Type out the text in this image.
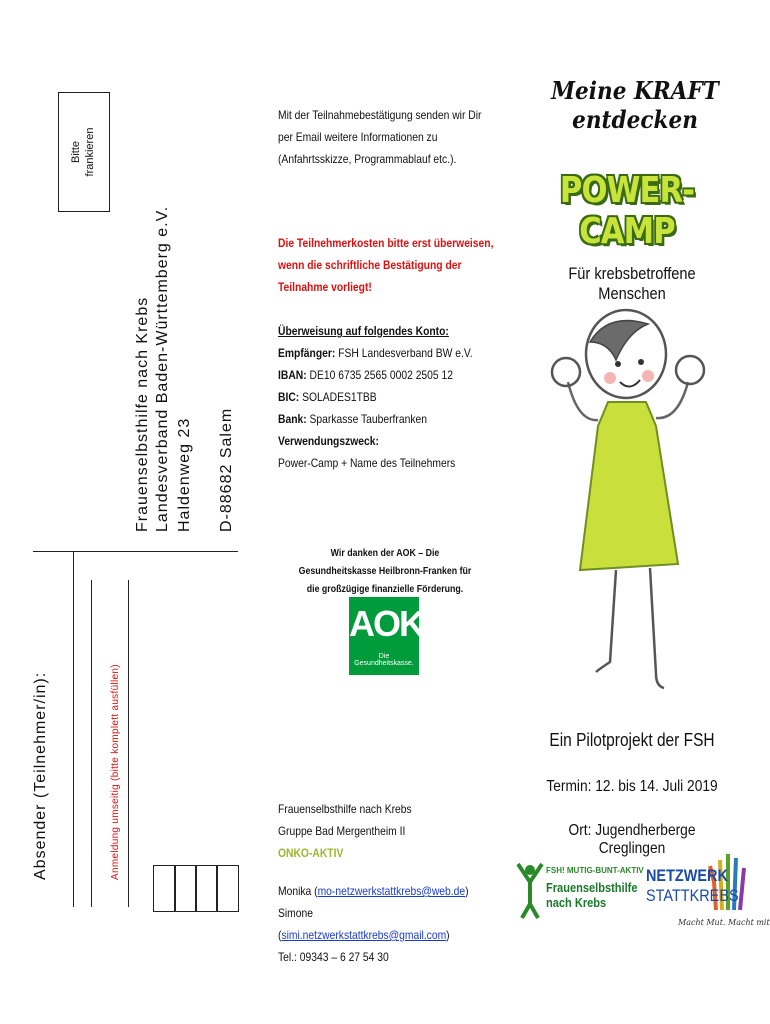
Bitte frankieren
Frauenselbsthilfe nach Krebs Landesverband Baden-Württemberg e.V. Haldenweg 23 D-88682 Salem
Absender (Teilnehmer/in):	Anmeldung umseitig (bitte komplett ausfüllen)
Mit der Teilnahmebestätigung senden wir Dir per Email weitere Informationen zu (Anfahrtsskizze, Programmablauf etc.).
Die Teilnehmerkosten bitte erst überweisen, wenn die schriftliche Bestätigung der Teilnahme vorliegt!
Überweisung auf folgendes Konto:
Empfänger: FSH Landesverband BW e.V.
IBAN: DE10 6735 2565 0002 2505 12
BIC: SOLADES1TBB
Bank: Sparkasse Tauberfranken
Verwendungszweck:
Power-Camp + Name des Teilnehmers
Wir danken der AOK – Die Gesundheitskasse Heilbronn-Franken für die großzügige finanzielle Förderung.
AOK
Die Gesundheitskasse.
Frauenselbsthilfe nach Krebs
Gruppe Bad Mergentheim II
ONKO-AKTIV
Monika (mo-netzwerkstattkrebs@web.de)
Simone (simi.netzwerkstattkrebs@gmail.com)
Tel.: 09343 – 6 27 54 30
Meine KRAFT entdecken
POWER-CAMP
Für krebsbetroffene Menschen
Ein Pilotprojekt der FSH
Termin: 12. bis 14. Juli 2019
Ort: Jugendherberge Creglingen
FSH! MUTIG-BUNT-AKTIV
Frauenselbsthilfe
nach Krebs
NETZWERK
STATTKREBS
Macht Mut. Macht mit
